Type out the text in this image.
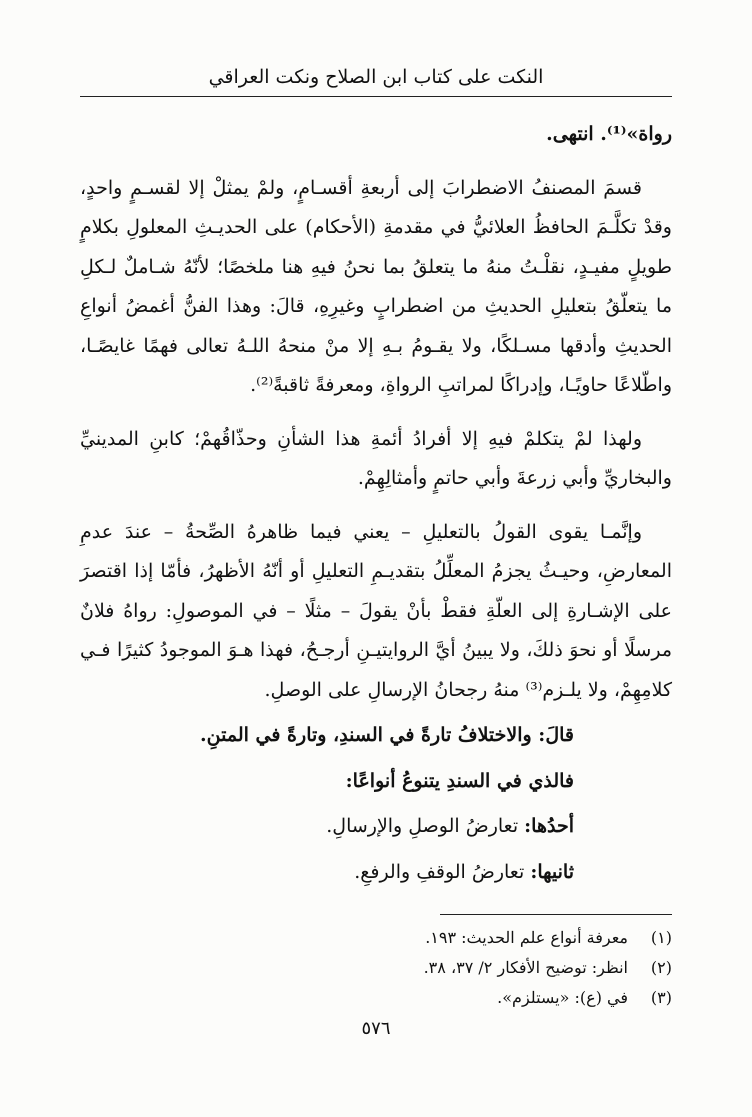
النكت على كتاب ابن الصلاح ونكت العراقي

رواة»⁽¹⁾. انتهى.

قسمَ المصنفُ الاضطرابَ إلى أربعةِ أقسـامٍ، ولمْ يمثلْ إلا لقسـمٍ واحدٍ، وقدْ تكلَّـمَ الحافظُ العلائيُّ في مقدمةِ (الأحكام) على الحديـثِ المعلولِ بكلامٍ طويلٍ مفيـدٍ، نقلْـتُ منهُ ما يتعلقُ بما نحنُ فيهِ هنا ملخصًا؛ لأنّهُ شـاملٌ لـكلِ ما يتعلّقُ بتعليلِ الحديثِ من اضطرابٍ وغيرِهِ، قالَ: وهذا الفنُّ أغمضُ أنواعِ الحديثِ وأدقها مسـلكًا، ولا يقـومُ بـهِ إلا منْ منحهُ اللـهُ تعالى فهمًا غايصًـا، واطّلاعًا حاويًـا، وإدراكًا لمراتبِ الرواةِ، ومعرفةً ثاقبةً⁽²⁾.

ولهذا لمْ يتكلمْ فيهِ إلا أفرادُ أئمةِ هذا الشأنِ وحذّاقُهمْ؛ كابنِ المدينيِّ والبخاريِّ وأبي زرعةَ وأبي حاتمٍ وأمثالِهِمْ.

وإنَّمـا يقوى القولُ بالتعليلِ – يعني فيما ظاهرهُ الصِّحةُ – عندَ عدمِ المعارضِ، وحيـثُ يجزمُ المعلِّلُ بتقديـمِ التعليلِ أو أنّهُ الأظهرُ، فأمّا إذا اقتصرَ على الإشـارةِ إلى العلّةِ فقطْ بأنْ يقولَ – مثلًا – في الموصولِ: رواهُ فلانٌ مرسلًا أو نحوَ ذلكَ، ولا يبينُ أيَّ الروايتيـنِ أرجـحُ، فهذا هـوَ الموجودُ كثيرًا فـي كلامِهِمْ، ولا يلـزم⁽³⁾ منهُ رجحانُ الإرسالِ على الوصلِ.

قالَ: والاختلافُ تارةً في السندِ، وتارةً في المتنِ.

فالذي في السندِ يتنوعُ أنواعًا:

أحدُها: تعارضُ الوصلِ والإرسالِ.

ثانيها: تعارضُ الوقفِ والرفعِ.

(١)
معرفة أنواع علم الحديث: ١٩٣.
(٢)
انظر: توضيح الأفكار ٢/ ٣٧، ٣٨.
(٣)
في (ع): «يستلزم».
٥٧٦
